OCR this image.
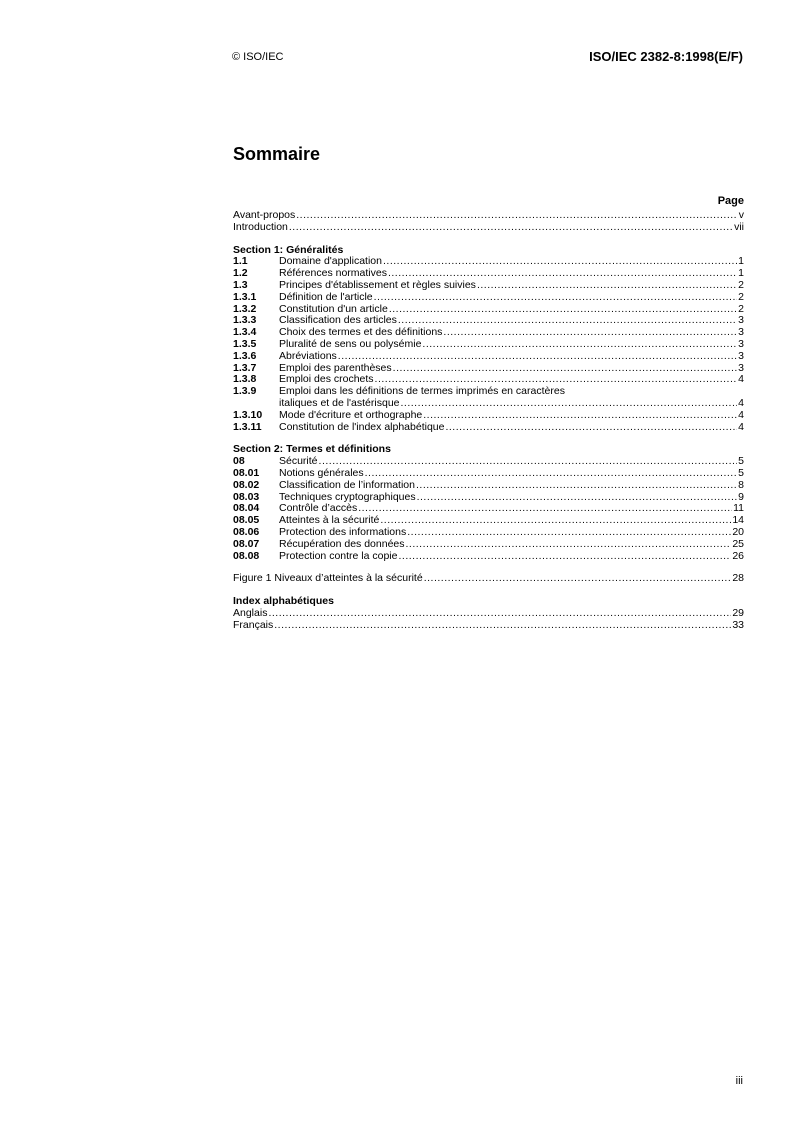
© ISO/IEC	ISO/IEC 2382-8:1998(E/F)
Sommaire
Page
Avant-propos .....	v
Introduction .....	vii
Section 1: Généralités
1.1	Domaine d'application .....	1
1.2	Références normatives .....	1
1.3	Principes d'établissement et règles suivies .....	2
1.3.1	Définition de l'article .....	2
1.3.2	Constitution d'un article .....	2
1.3.3	Classification des articles .....	3
1.3.4	Choix des termes et des définitions .....	3
1.3.5	Pluralité de sens ou polysémie .....	3
1.3.6	Abréviations .....	3
1.3.7	Emploi des parenthèses .....	3
1.3.8	Emploi des crochets .....	4
1.3.9 Emploi dans les définitions de termes imprimés en caractères
italiques et de l'astérisque .....	4
1.3.10	Mode d'écriture et orthographe .....	4
1.3.11	Constitution de l'index alphabétique .....	4
Section 2: Termes et définitions
08	Sécurité .....	5
08.01	Notions générales .....	5
08.02	Classification de l’information .....	8
08.03	Techniques cryptographiques .....	9
08.04	Contrôle d’accès .....	11
08.05	Atteintes à la sécurité .....	14
08.06	Protection des informations .....	20
08.07	Récupération des données .....	25
08.08	Protection contre la copie .....	26
Figure 1 Niveaux d’atteintes à la sécurité .....	28
Index alphabétiques
Anglais .....	29
Français .....	33
iii
